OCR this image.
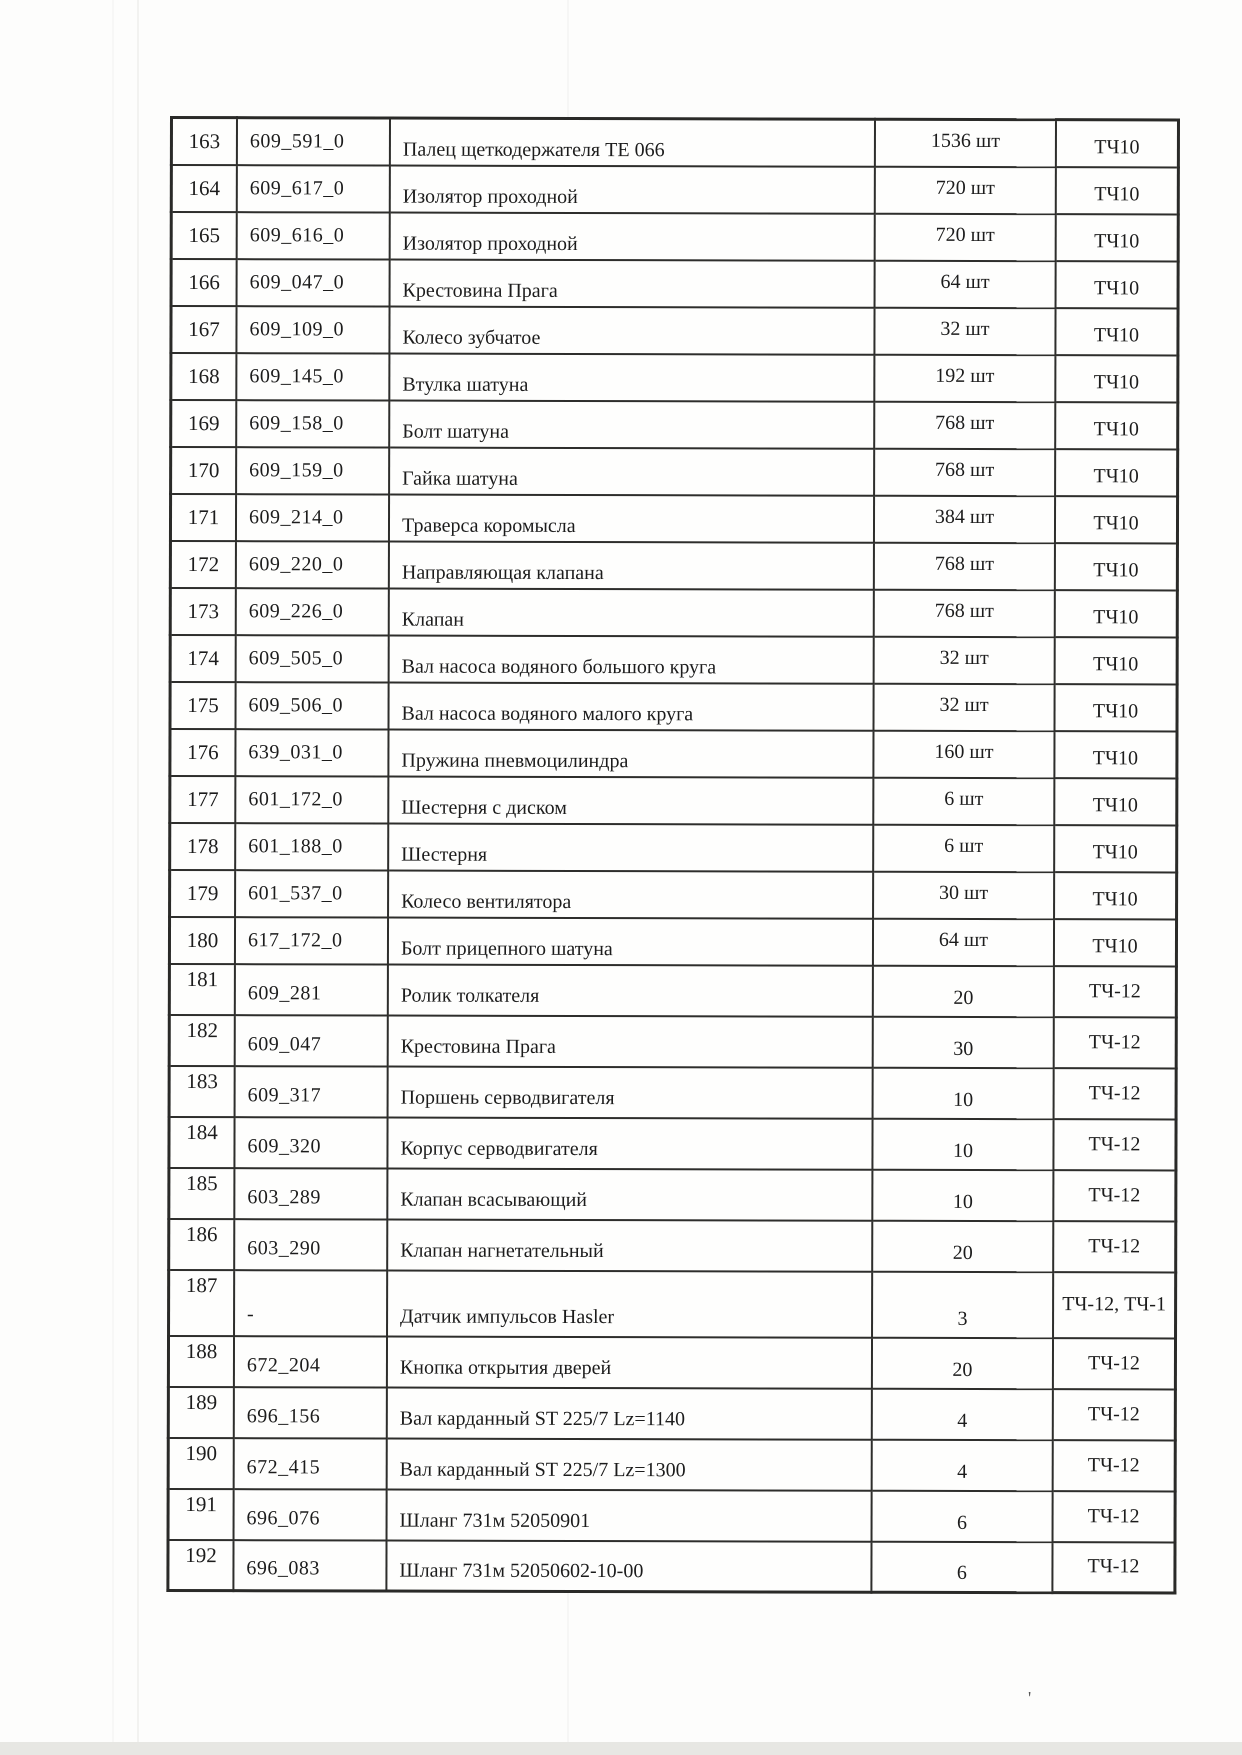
'
163	609_591_0	Палец щеткодержателя ТЕ 066	1536 шт	ТЧ10
164	609_617_0	Изолятор проходной	720 шт	ТЧ10
165	609_616_0	Изолятор проходной	720 шт	ТЧ10
166	609_047_0	Крестовина Прага	64 шт	ТЧ10
167	609_109_0	Колесо зубчатое	32 шт	ТЧ10
168	609_145_0	Втулка шатуна	192 шт	ТЧ10
169	609_158_0	Болт шатуна	768 шт	ТЧ10
170	609_159_0	Гайка шатуна	768 шт	ТЧ10
171	609_214_0	Траверса коромысла	384 шт	ТЧ10
172	609_220_0	Направляющая клапана	768 шт	ТЧ10
173	609_226_0	Клапан	768 шт	ТЧ10
174	609_505_0	Вал насоса водяного большого круга	32 шт	ТЧ10
175	609_506_0	Вал насоса водяного малого круга	32 шт	ТЧ10
176	639_031_0	Пружина пневмоцилиндра	160 шт	ТЧ10
177	601_172_0	Шестерня с диском	6 шт	ТЧ10
178	601_188_0	Шестерня	6 шт	ТЧ10
179	601_537_0	Колесо вентилятора	30 шт	ТЧ10
180	617_172_0	Болт прицепного шатуна	64 шт	ТЧ10
181	609_281	Ролик толкателя	20	ТЧ-12
182	609_047	Крестовина Прага	30	ТЧ-12
183	609_317	Поршень серводвигателя	10	ТЧ-12
184	609_320	Корпус серводвигателя	10	ТЧ-12
185	603_289	Клапан всасывающий	10	ТЧ-12
186	603_290	Клапан нагнетательный	20	ТЧ-12
187	-	Датчик импульсов Hasler	3	ТЧ-12, ТЧ-1
188	672_204	Кнопка открытия дверей	20	ТЧ-12
189	696_156	Вал карданный ST 225/7 Lz=1140	4	ТЧ-12
190	672_415	Вал карданный ST 225/7 Lz=1300	4	ТЧ-12
191	696_076	Шланг 731м 52050901	6	ТЧ-12
192	696_083	Шланг 731м 52050602-10-00	6	ТЧ-12
